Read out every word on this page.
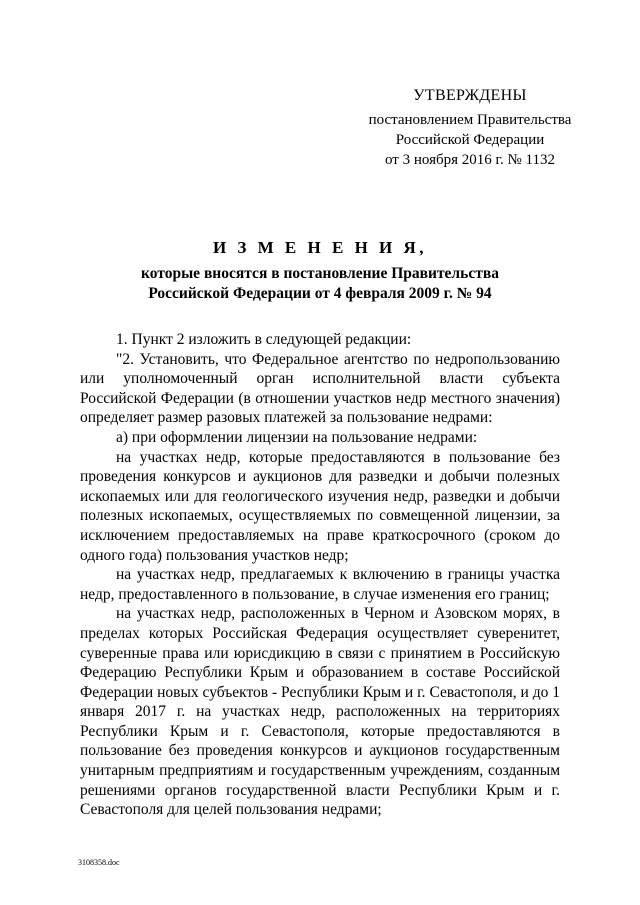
УТВЕРЖДЕНЫ
постановлением Правительства
Российской Федерации
от 3 ноября 2016 г. № 1132
И З М Е Н Е Н И Я,
которые вносятся в постановление Правительства
Российской Федерации от 4 февраля 2009 г. № 94

1. Пункт 2 изложить в следующей редакции:

"2. Установить, что Федеральное агентство по недропользованию или уполномоченный орган исполнительной власти субъекта Российской Федерации (в отношении участков недр местного значения) определяет размер разовых платежей за пользование недрами:

а) при оформлении лицензии на пользование недрами:

на участках недр, которые предоставляются в пользование без проведения конкурсов и аукционов для разведки и добычи полезных ископаемых или для геологического изучения недр, разведки и добычи полезных ископаемых, осуществляемых по совмещенной лицензии, за исключением предоставляемых на праве краткосрочного (сроком до одного года) пользования участков недр;

на участках недр, предлагаемых к включению в границы участка недр, предоставленного в пользование, в случае изменения его границ;

на участках недр, расположенных в Черном и Азовском морях, в пределах которых Российская Федерация осуществляет суверенитет, суверенные права или юрисдикцию в связи с принятием в Российскую Федерацию Республики Крым и образованием в составе Российской Федерации новых субъектов - Республики Крым и г. Севастополя, и до 1 января 2017 г. на участках недр, расположенных на территориях Республики Крым и г. Севастополя, которые предоставляются в пользование без проведения конкурсов и аукционов государственным унитарным предприятиям и государственным учреждениям, созданным решениями органов государственной власти Республики Крым и г. Севастополя для целей пользования недрами;

3108358.doc
